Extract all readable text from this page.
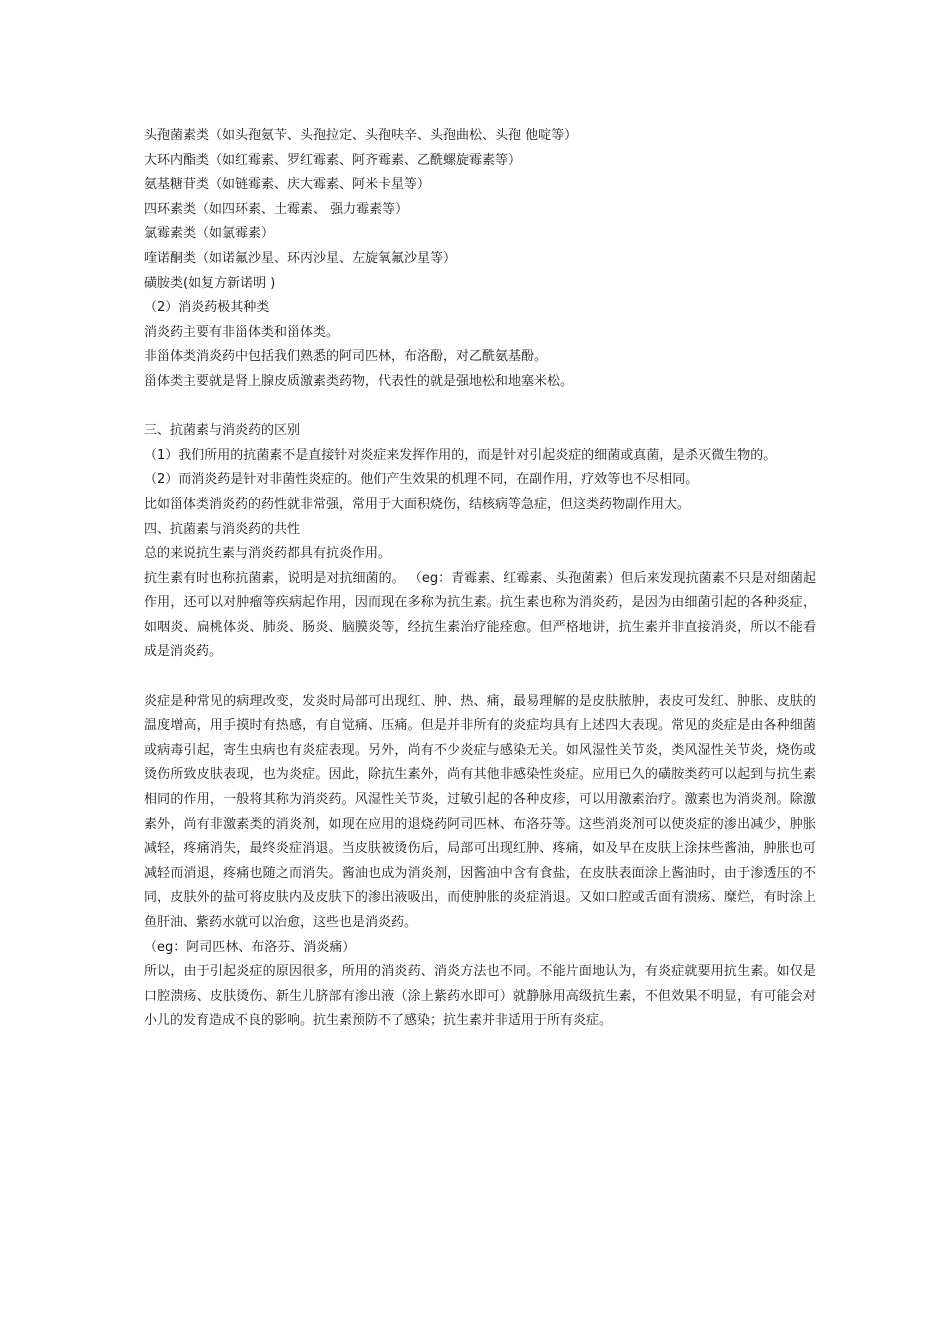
头孢菌素类（如头孢氨苄、头孢拉定、头孢呋辛、头孢曲松、头孢 他啶等）
大环内酯类（如红霉素、罗红霉素、阿齐霉素、乙酰螺旋霉素等）
氨基糖苷类（如链霉素、庆大霉素、阿米卡星等）
四环素类（如四环素、土霉素、 强力霉素等）
氯霉素类（如氯霉素）
喹诺酮类（如诺氟沙星、环丙沙星、左旋氧氟沙星等）
磺胺类(如复方新诺明 )
（2）消炎药极其种类
消炎药主要有非甾体类和甾体类。
非甾体类消炎药中包括我们熟悉的阿司匹林，布洛酚，对乙酰氨基酚。
甾体类主要就是肾上腺皮质激素类药物，代表性的就是强地松和地塞米松。
三、抗菌素与消炎药的区别
（1）我们所用的抗菌素不是直接针对炎症来发挥作用的，而是针对引起炎症的细菌或真菌，是杀灭微生物的。
（2）而消炎药是针对非菌性炎症的。他们产生效果的机理不同，在副作用，疗效等也不尽相同。
比如甾体类消炎药的药性就非常强，常用于大面积烧伤，结核病等急症，但这类药物副作用大。
四、抗菌素与消炎药的共性
总的来说抗生素与消炎药都具有抗炎作用。
抗生素有时也称抗菌素，说明是对抗细菌的。 （eg：青霉素、红霉素、头孢菌素）但后来发现抗菌素不只是对细菌起作用，还可以对肿瘤等疾病起作用，因而现在多称为抗生素。抗生素也称为消炎药，是因为由细菌引起的各种炎症，如咽炎、扁桃体炎、肺炎、肠炎、脑膜炎等，经抗生素治疗能痊愈。但严格地讲，抗生素并非直接消炎，所以不能看成是消炎药。
炎症是种常见的病理改变，发炎时局部可出现红、肿、热、痛，最易理解的是皮肤脓肿，表皮可发红、肿胀、皮肤的温度增高，用手摸时有热感，有自觉痛、压痛。但是并非所有的炎症均具有上述四大表现。常见的炎症是由各种细菌或病毒引起，寄生虫病也有炎症表现。另外，尚有不少炎症与感染无关。如风湿性关节炎，类风湿性关节炎，烧伤或烫伤所致皮肤表现，也为炎症。因此，除抗生素外，尚有其他非感染性炎症。应用已久的磺胺类药可以起到与抗生素相同的作用，一般将其称为消炎药。风湿性关节炎，过敏引起的各种皮疹，可以用激素治疗。激素也为消炎剂。除激素外，尚有非激素类的消炎剂，如现在应用的退烧药阿司匹林、布洛芬等。这些消炎剂可以使炎症的渗出减少，肿胀减轻，疼痛消失，最终炎症消退。当皮肤被烫伤后，局部可出现红肿、疼痛，如及早在皮肤上涂抹些酱油，肿胀也可减轻而消退，疼痛也随之而消失。酱油也成为消炎剂，因酱油中含有食盐，在皮肤表面涂上酱油时，由于渗透压的不同，皮肤外的盐可将皮肤内及皮肤下的渗出液吸出，而使肿胀的炎症消退。又如口腔或舌面有溃疡、糜烂，有时涂上鱼肝油、紫药水就可以治愈，这些也是消炎药。
（eg：阿司匹林、布洛芬、消炎痛）
所以，由于引起炎症的原因很多，所用的消炎药、消炎方法也不同。不能片面地认为，有炎症就要用抗生素。如仅是口腔溃疡、皮肤烫伤、新生儿脐部有渗出液（涂上紫药水即可）就静脉用高级抗生素，不但效果不明显，有可能会对小儿的发育造成不良的影响。抗生素预防不了感染；抗生素并非适用于所有炎症。
